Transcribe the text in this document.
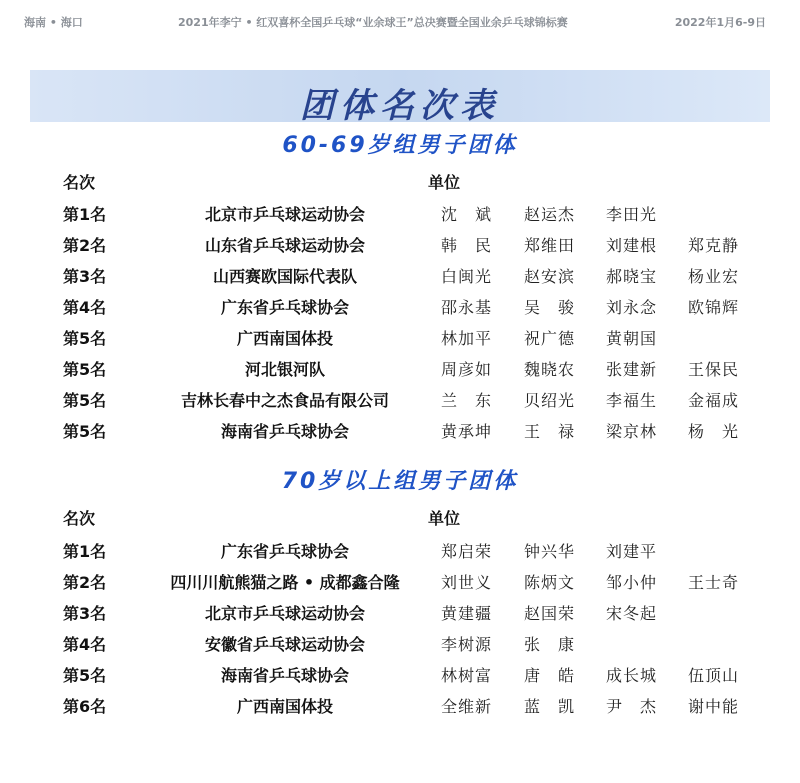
海南 • 海口	2021年李宁 • 红双喜杯全国乒乓球“业余球王”总决赛暨全国业余乒乓球锦标赛	2022年1月6-9日
团体名次表
60-69岁组男子团体
名次	单位
第1名	北京市乒乓球运动协会	沈　斌 赵运杰 李田光
第2名	山东省乒乓球运动协会	韩　民 郑维田 刘建根 郑克静
第3名	山西赛欧国际代表队	白闽光 赵安滨 郝晓宝 杨业宏
第4名	广东省乒乓球协会	邵永基 吴　骏 刘永念 欧锦辉
第5名	广西南国体投	林加平 祝广德 黄朝国
第5名	河北银河队	周彦如 魏晓农 张建新 王保民
第5名	吉林长春中之杰食品有限公司	兰　东 贝绍光 李福生 金福成
第5名	海南省乒乓球协会	黄承坤 王　禄 梁京林 杨　光
70岁以上组男子团体
名次	单位
第1名	广东省乒乓球协会	郑启荣 钟兴华 刘建平
第2名	四川川航熊猫之路 • 成都鑫合隆	刘世义 陈炳文 邹小仲 王士奇
第3名	北京市乒乓球运动协会	黄建疆 赵国荣 宋冬起
第4名	安徽省乒乓球运动协会	李树源 张　康
第5名	海南省乒乓球协会	林树富 唐　皓 成长城 伍顶山
第6名	广西南国体投	全维新 蓝　凯 尹　杰 谢中能
